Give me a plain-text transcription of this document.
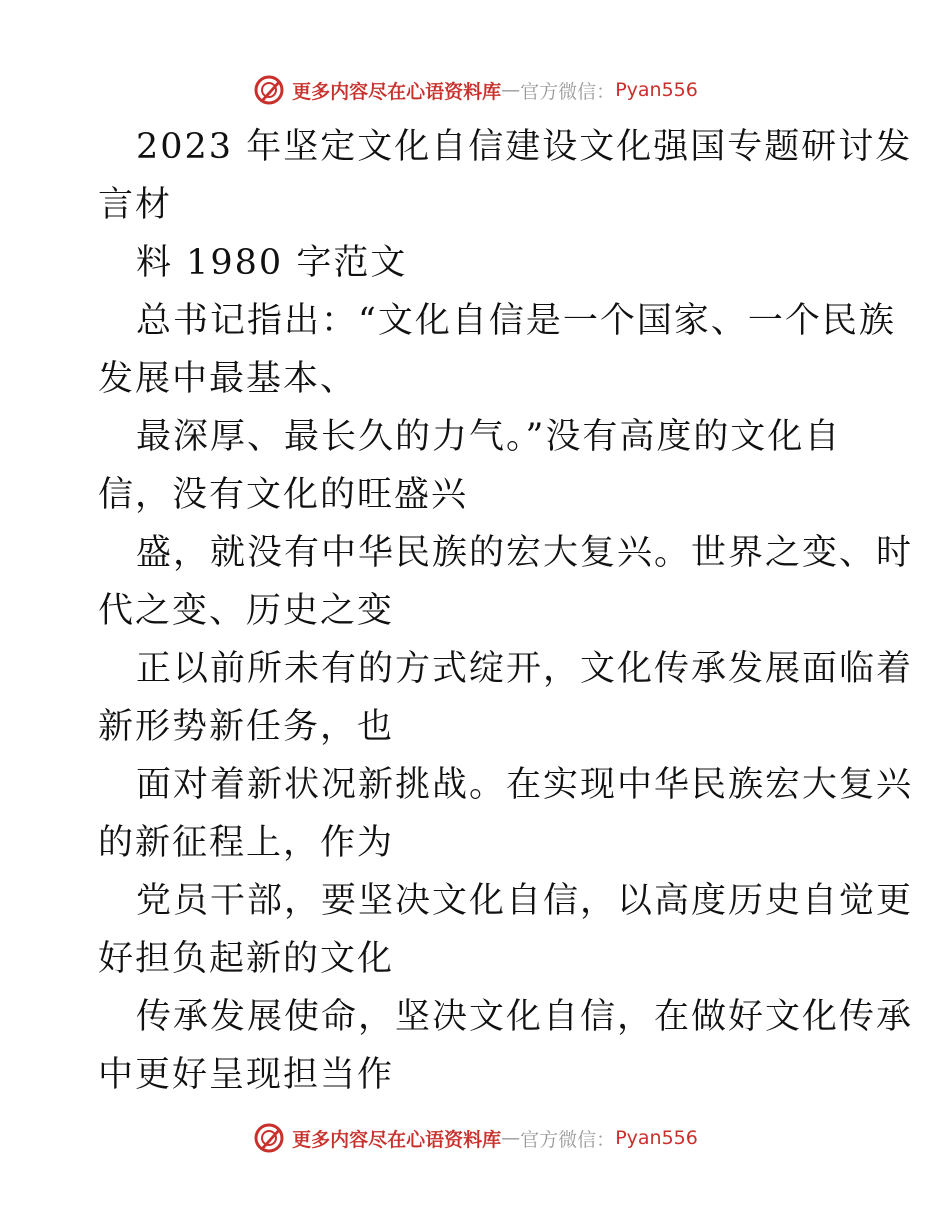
更多内容尽在心语资料库 — 官方微信： Pyan556
2023 年坚定文化自信建设文化强国专题研讨发
言材
料 1980 字范文
总书记指出：“文化自信是一个国家、一个民族
发展中最基本、
最深厚、最长久的力气。”没有高度的文化自
信，没有文化的旺盛兴
盛，就没有中华民族的宏大复兴。世界之变、时
代之变、历史之变
正以前所未有的方式绽开，文化传承发展面临着
新形势新任务，也
面对着新状况新挑战。在实现中华民族宏大复兴
的新征程上，作为
党员干部，要坚决文化自信，以高度历史自觉更
好担负起新的文化
传承发展使命，坚决文化自信，在做好文化传承
中更好呈现担当作
更多内容尽在心语资料库 — 官方微信： Pyan556
